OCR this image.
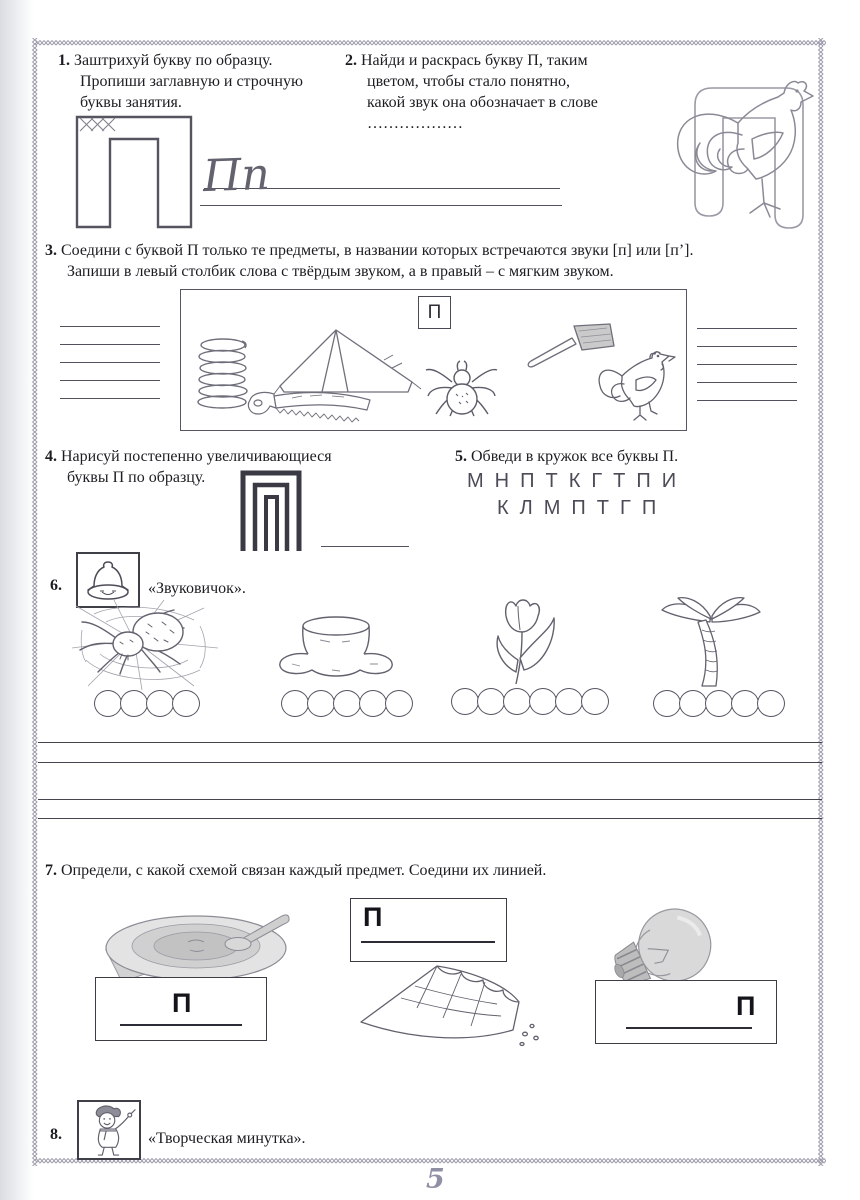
1. Заштрихуй букву по образцу.
Пропиши заглавную и строчную
буквы занятия.
Пп
2. Найди и раскрась букву П, таким
цветом, чтобы стало понятно,
какой звук она обозначает в слове
………………
3. Соедини с буквой П только те предметы, в названии которых встречаются звуки [п] или [п’].
Запиши в левый столбик слова с твёрдым звуком, а в правый – с мягким звуком.
П
4. Нарисуй постепенно увеличивающиеся
буквы П по образцу.
5. Обведи в кружок все буквы П.
МНПТКГТПИ
КЛМПТГП
6.	«Звуковичок».
7. Определи, с какой схемой связан каждый предмет. Соедини их линией.
П
П	П
8.	«Творческая минутка».
5
